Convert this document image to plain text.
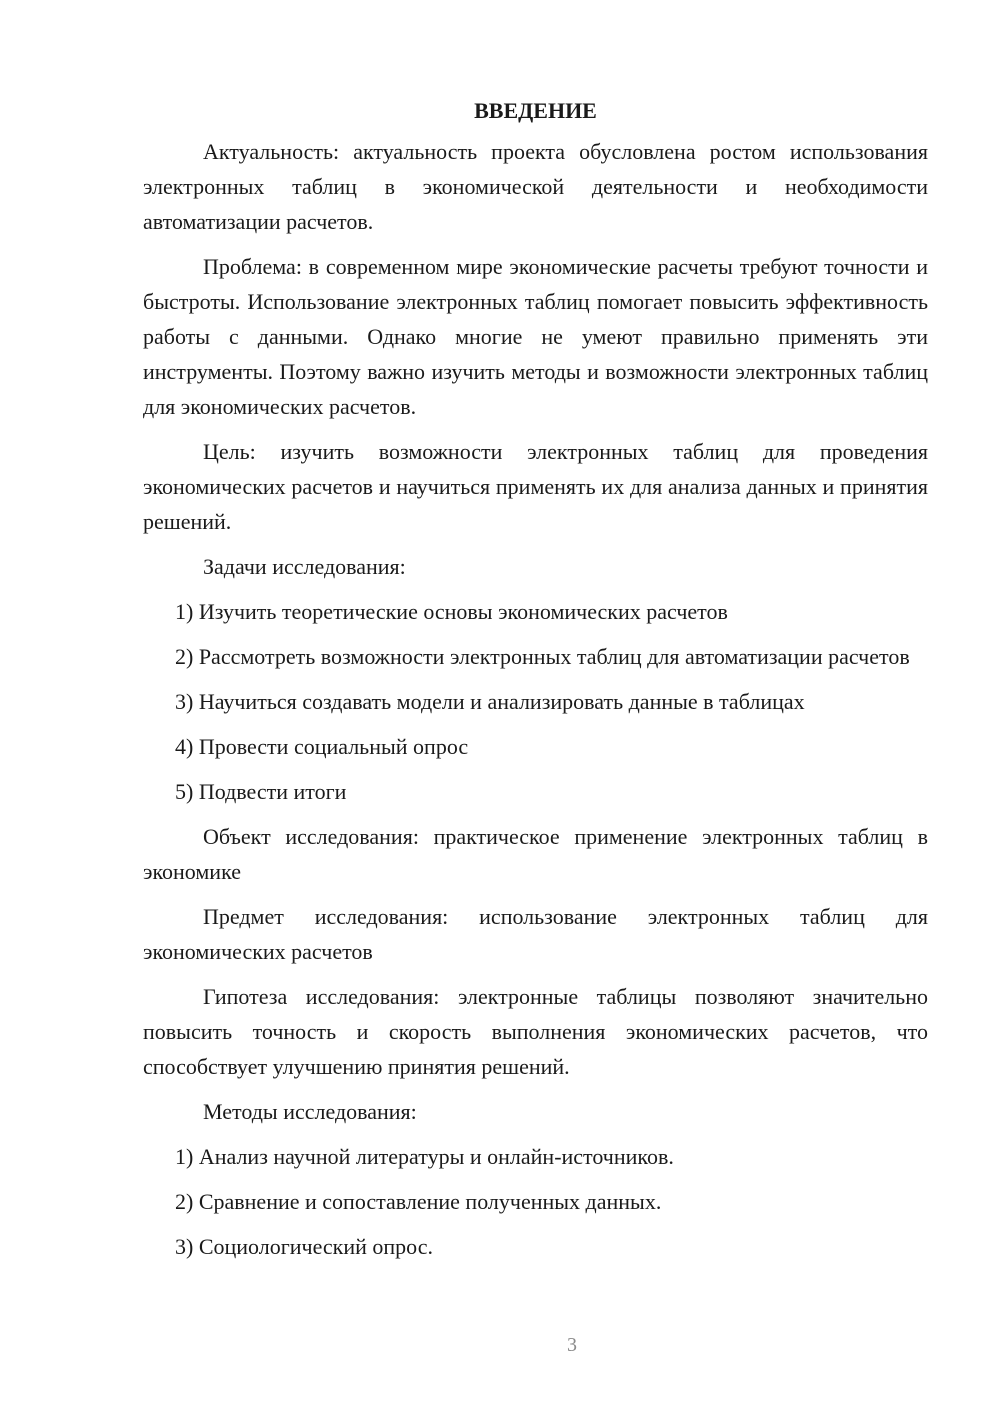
ВВЕДЕНИЕ

Актуальность: актуальность проекта обусловлена ростом использования электронных таблиц в экономической деятельности и необходимости автоматизации расчетов.

Проблема: в современном мире экономические расчеты требуют точности и быстроты. Использование электронных таблиц помогает повысить эффективность работы с данными. Однако многие не умеют правильно применять эти инструменты. Поэтому важно изучить методы и возможности электронных таблиц для экономических расчетов.

Цель: изучить возможности электронных таблиц для проведения экономических расчетов и научиться применять их для анализа данных и принятия решений.

Задачи исследования:

1) Изучить теоретические основы экономических расчетов

2) Рассмотреть возможности электронных таблиц для автоматизации расчетов

3) Научиться создавать модели и анализировать данные в таблицах

4) Провести социальный опрос

5) Подвести итоги

Объект исследования: практическое применение электронных таблиц в экономике

Предмет исследования: использование электронных таблиц для экономических расчетов

Гипотеза исследования: электронные таблицы позволяют значительно повысить точность и скорость выполнения экономических расчетов, что способствует улучшению принятия решений.

Методы исследования:

1) Анализ научной литературы и онлайн-источников.

2) Сравнение и сопоставление полученных данных.

3) Социологический опрос.

3
